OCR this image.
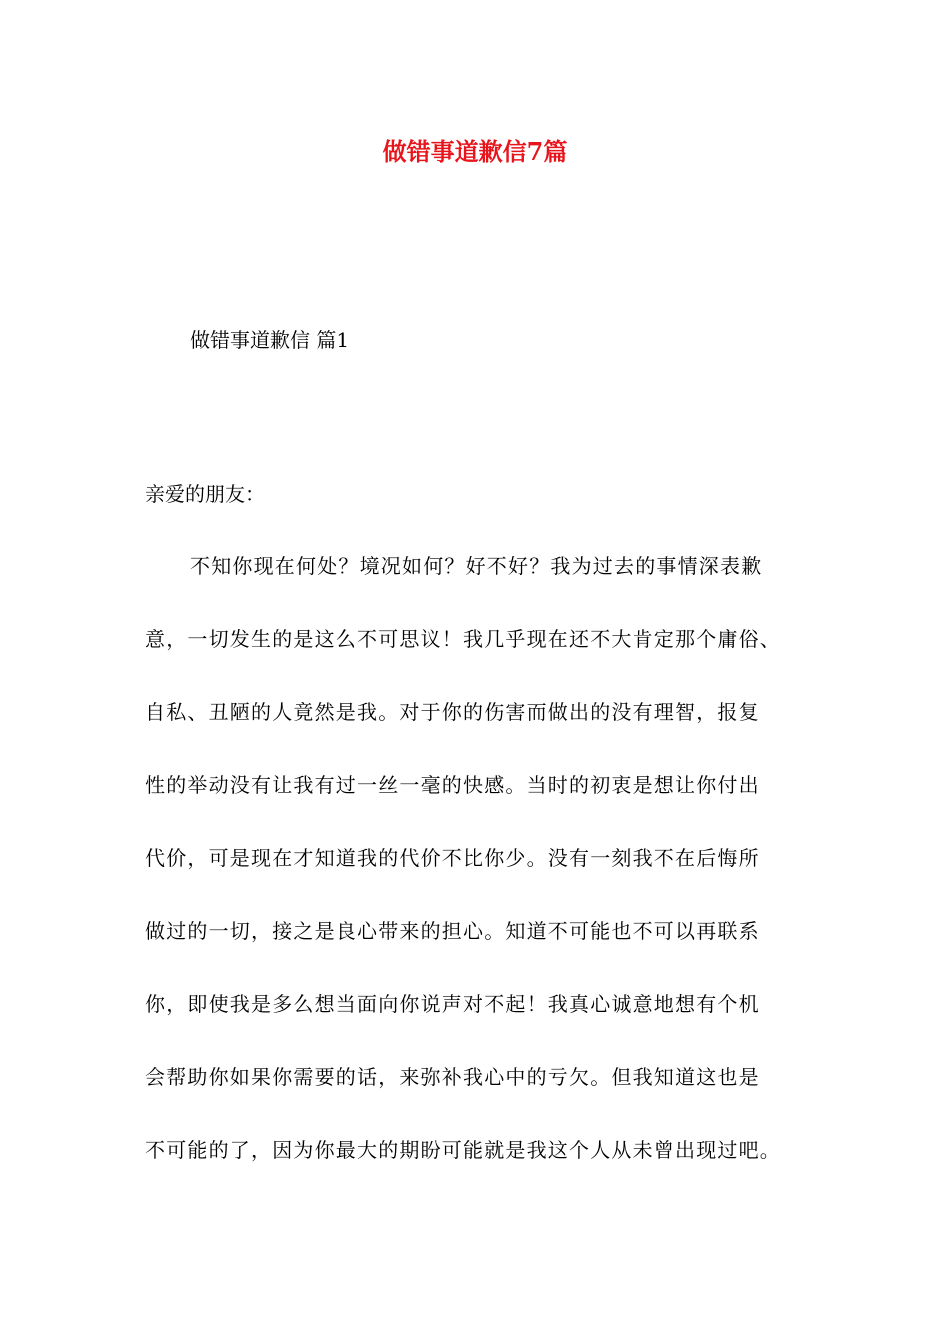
做错事道歉信7篇
做错事道歉信 篇1
亲爱的朋友：
不知你现在何处？境况如何？好不好？我为过去的事情深表歉
意，一切发生的是这么不可思议！我几乎现在还不大肯定那个庸俗、
自私、丑陋的人竟然是我。对于你的伤害而做出的没有理智，报复
性的举动没有让我有过一丝一毫的快感。当时的初衷是想让你付出
代价，可是现在才知道我的代价不比你少。没有一刻我不在后悔所
做过的一切，接之是良心带来的担心。知道不可能也不可以再联系
你，即使我是多么想当面向你说声对不起！我真心诚意地想有个机
会帮助你如果你需要的话，来弥补我心中的亏欠。但我知道这也是
不可能的了，因为你最大的期盼可能就是我这个人从未曾出现过吧。
